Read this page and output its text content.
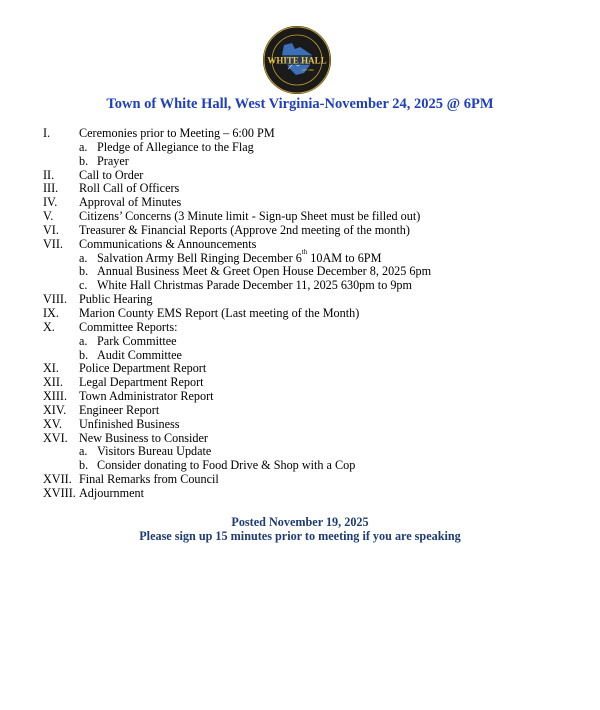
WHITE HALL
EST. 1960
Town of White Hall, West Virginia-November 24, 2025 @ 6PM
I.	Ceremonies prior to Meeting – 6:00 PM
a. Pledge of Allegiance to the Flag
b. Prayer
II.	Call to Order
III.	Roll Call of Officers
IV.	Approval of Minutes
V.	Citizens’ Concerns (3 Minute limit - Sign-up Sheet must be filled out)
VI.	Treasurer & Financial Reports (Approve 2nd meeting of the month)
VII.	Communications & Announcements
a. Salvation Army Bell Ringing December 6 th 10AM to 6PM
b. Annual Business Meet & Greet Open House December 8, 2025 6pm
c. White Hall Christmas Parade December 11, 2025 630pm to 9pm
VIII. Public Hearing
IX.	Marion County EMS Report (Last meeting of the Month)
X.	Committee Reports:
a. Park Committee
b. Audit Committee
XI.	Police Department Report
XII.	Legal Department Report
XIII. Town Administrator Report
XIV.	Engineer Report
XV.	Unfinished Business
XVI. New Business to Consider
a. Visitors Bureau Update
b. Consider donating to Food Drive & Shop with a Cop
XVII. Final Remarks from Council
XVIII. Adjournment
Posted November 19, 2025
Please sign up 15 minutes prior to meeting if you are speaking
